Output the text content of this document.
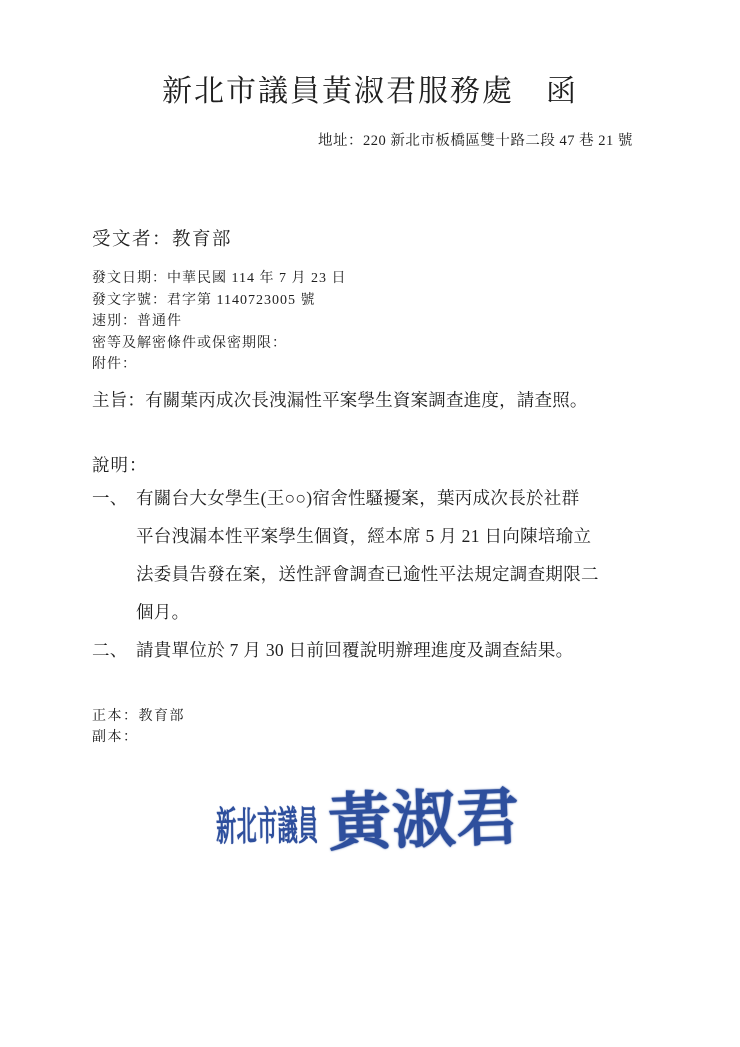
新北市議員黃淑君服務處　函
地址：220 新北市板橋區雙十路二段 47 巷 21 號
受文者：教育部
發文日期：中華民國 114 年 7 月 23 日
發文字號：君字第 1140723005 號
速別：普通件
密等及解密條件或保密期限：
附件：
主旨：有關葉丙成次長洩漏性平案學生資案調查進度，請查照。
說明：
一、 有關台大女學生(王○○)宿舍性騷擾案，葉丙成次長於社群
平台洩漏本性平案學生個資，經本席 5 月 21 日向陳培瑜立
法委員告發在案，送性評會調查已逾性平法規定調查期限二
個月。
二、 請貴單位於 7 月 30 日前回覆說明辦理進度及調查結果。
正本：教育部
副本：
新北市議員 黃淑君
